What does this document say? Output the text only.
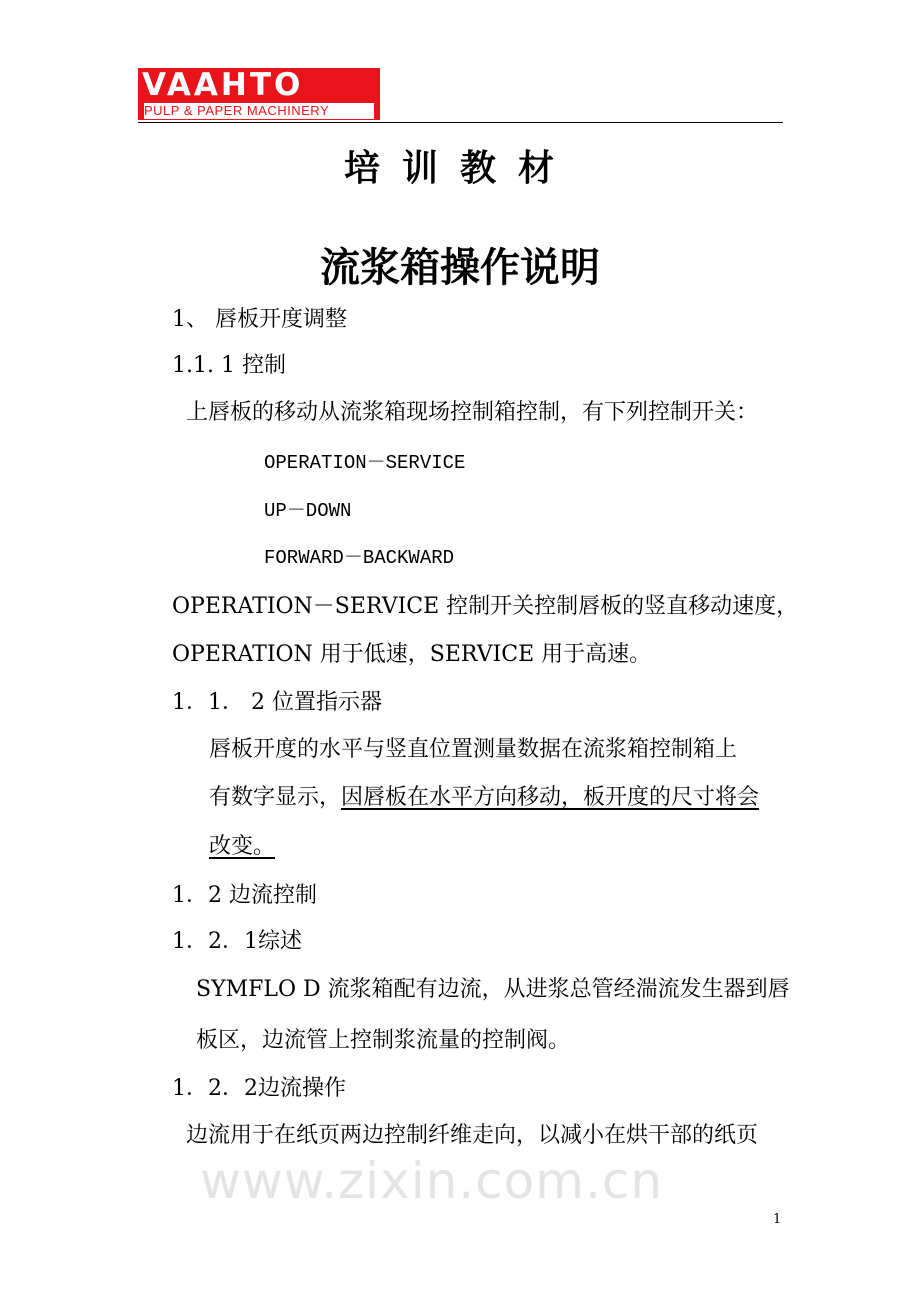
VAAHTO
PULP & PAPER MACHINERY
培训教材
流浆箱操作说明
1、 唇板开度调整
1.1. 1 控制
上唇板的移动从流浆箱现场控制箱控制，有下列控制开关：
OPERATION－SERVICE
UP－DOWN
FORWARD－BACKWARD
OPERATION－SERVICE 控制开关控制唇板的竖直移动速度，
OPERATION 用于低速，SERVICE 用于高速。
1．1． 2 位置指示器
唇板开度的水平与竖直位置测量数据在流浆箱控制箱上
有数字显示，因唇板在水平方向移动，板开度的尺寸将会
改变。
1．2 边流控制
1．2．1综述
SYMFLO D 流浆箱配有边流，从进浆总管经湍流发生器到唇
板区，边流管上控制浆流量的控制阀。
1．2．2边流操作
边流用于在纸页两边控制纤维走向，以减小在烘干部的纸页
www.zixin.com.cn
1
